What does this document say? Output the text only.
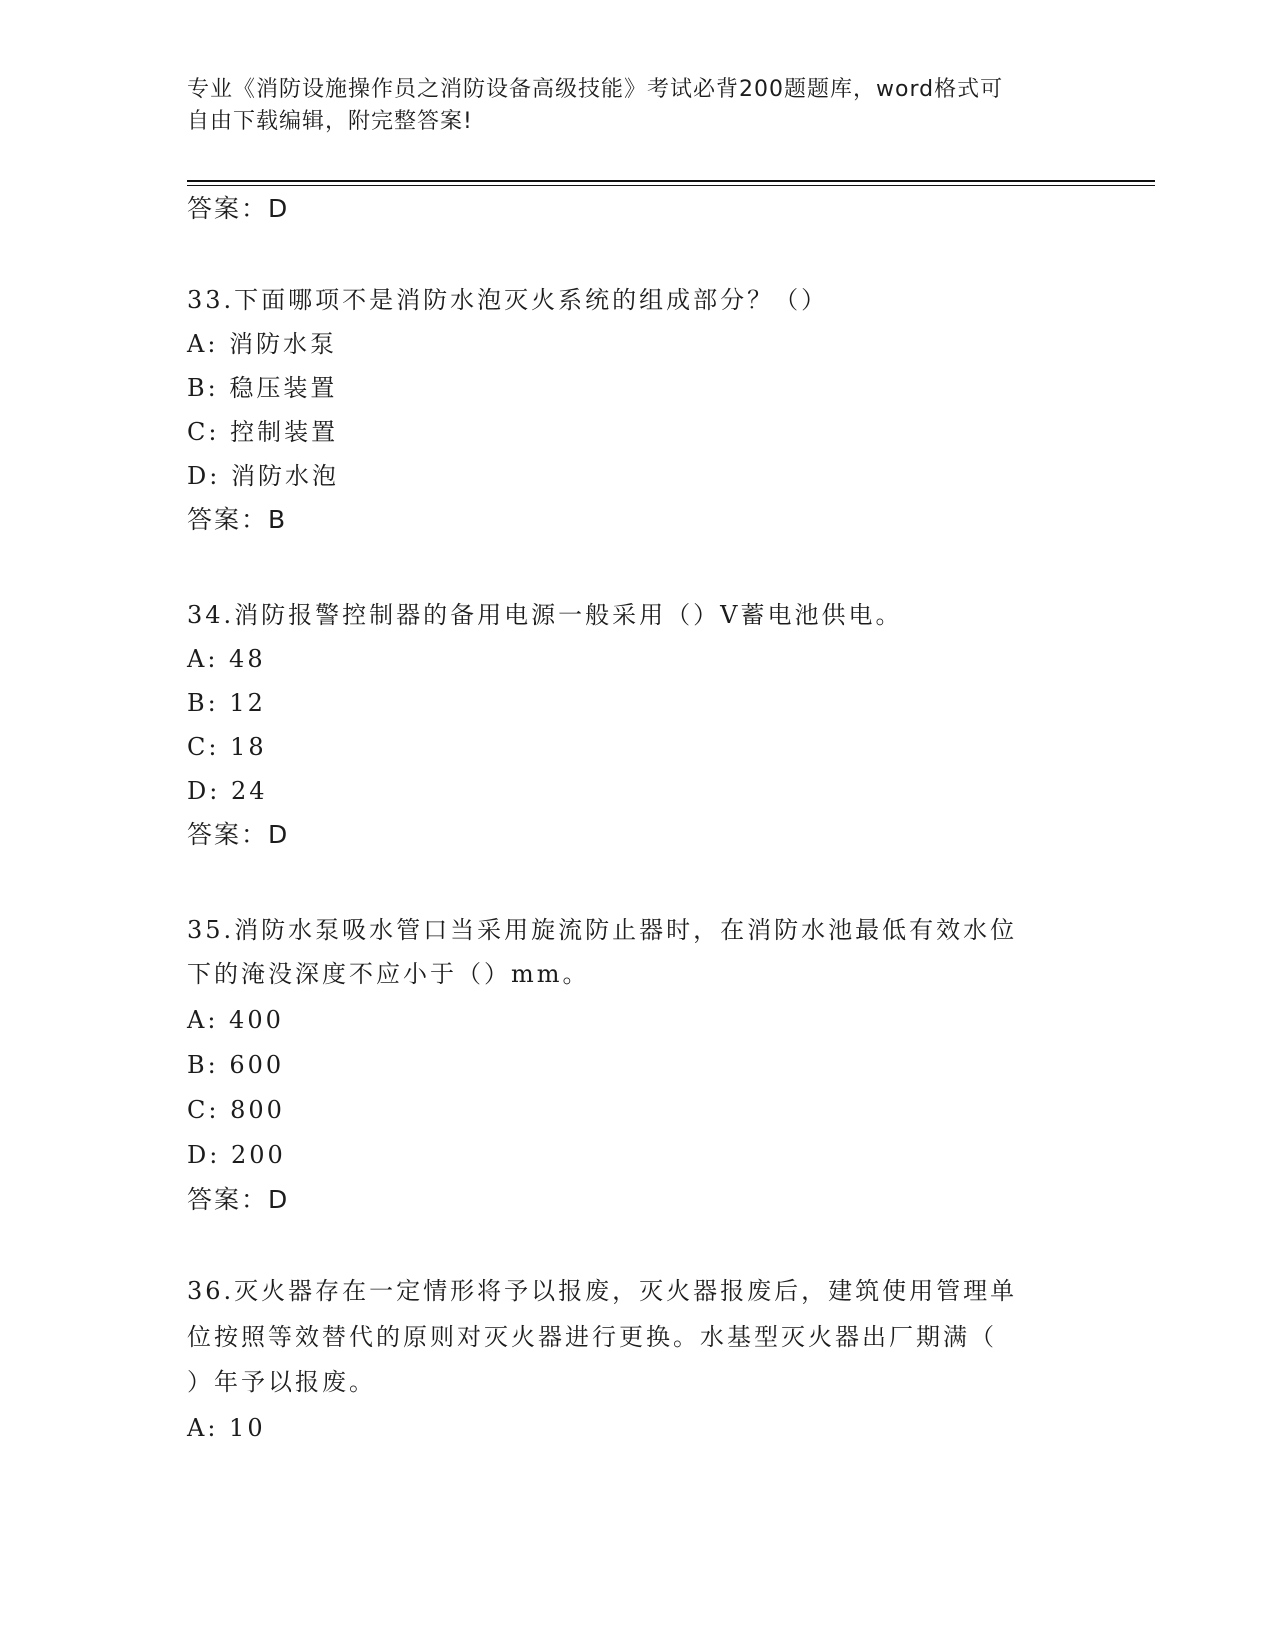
专业《消防设施操作员之消防设备高级技能》考试必背200题题库，word格式可
自由下载编辑，附完整答案!
答案：D
33.下面哪项不是消防水泡灭火系统的组成部分？（）
A: 消防水泵
B: 稳压装置
C: 控制装置
D: 消防水泡
答案：B
34.消防报警控制器的备用电源一般采用（）V蓄电池供电。
A: 48
B: 12
C: 18
D: 24
答案：D
35.消防水泵吸水管口当采用旋流防止器时，在消防水池最低有效水位
下的淹没深度不应小于（）mm。
A: 400
B: 600
C: 800
D: 200
答案：D
36.灭火器存在一定情形将予以报废，灭火器报废后，建筑使用管理单
位按照等效替代的原则对灭火器进行更换。水基型灭火器出厂期满（
）年予以报废。
A: 10
